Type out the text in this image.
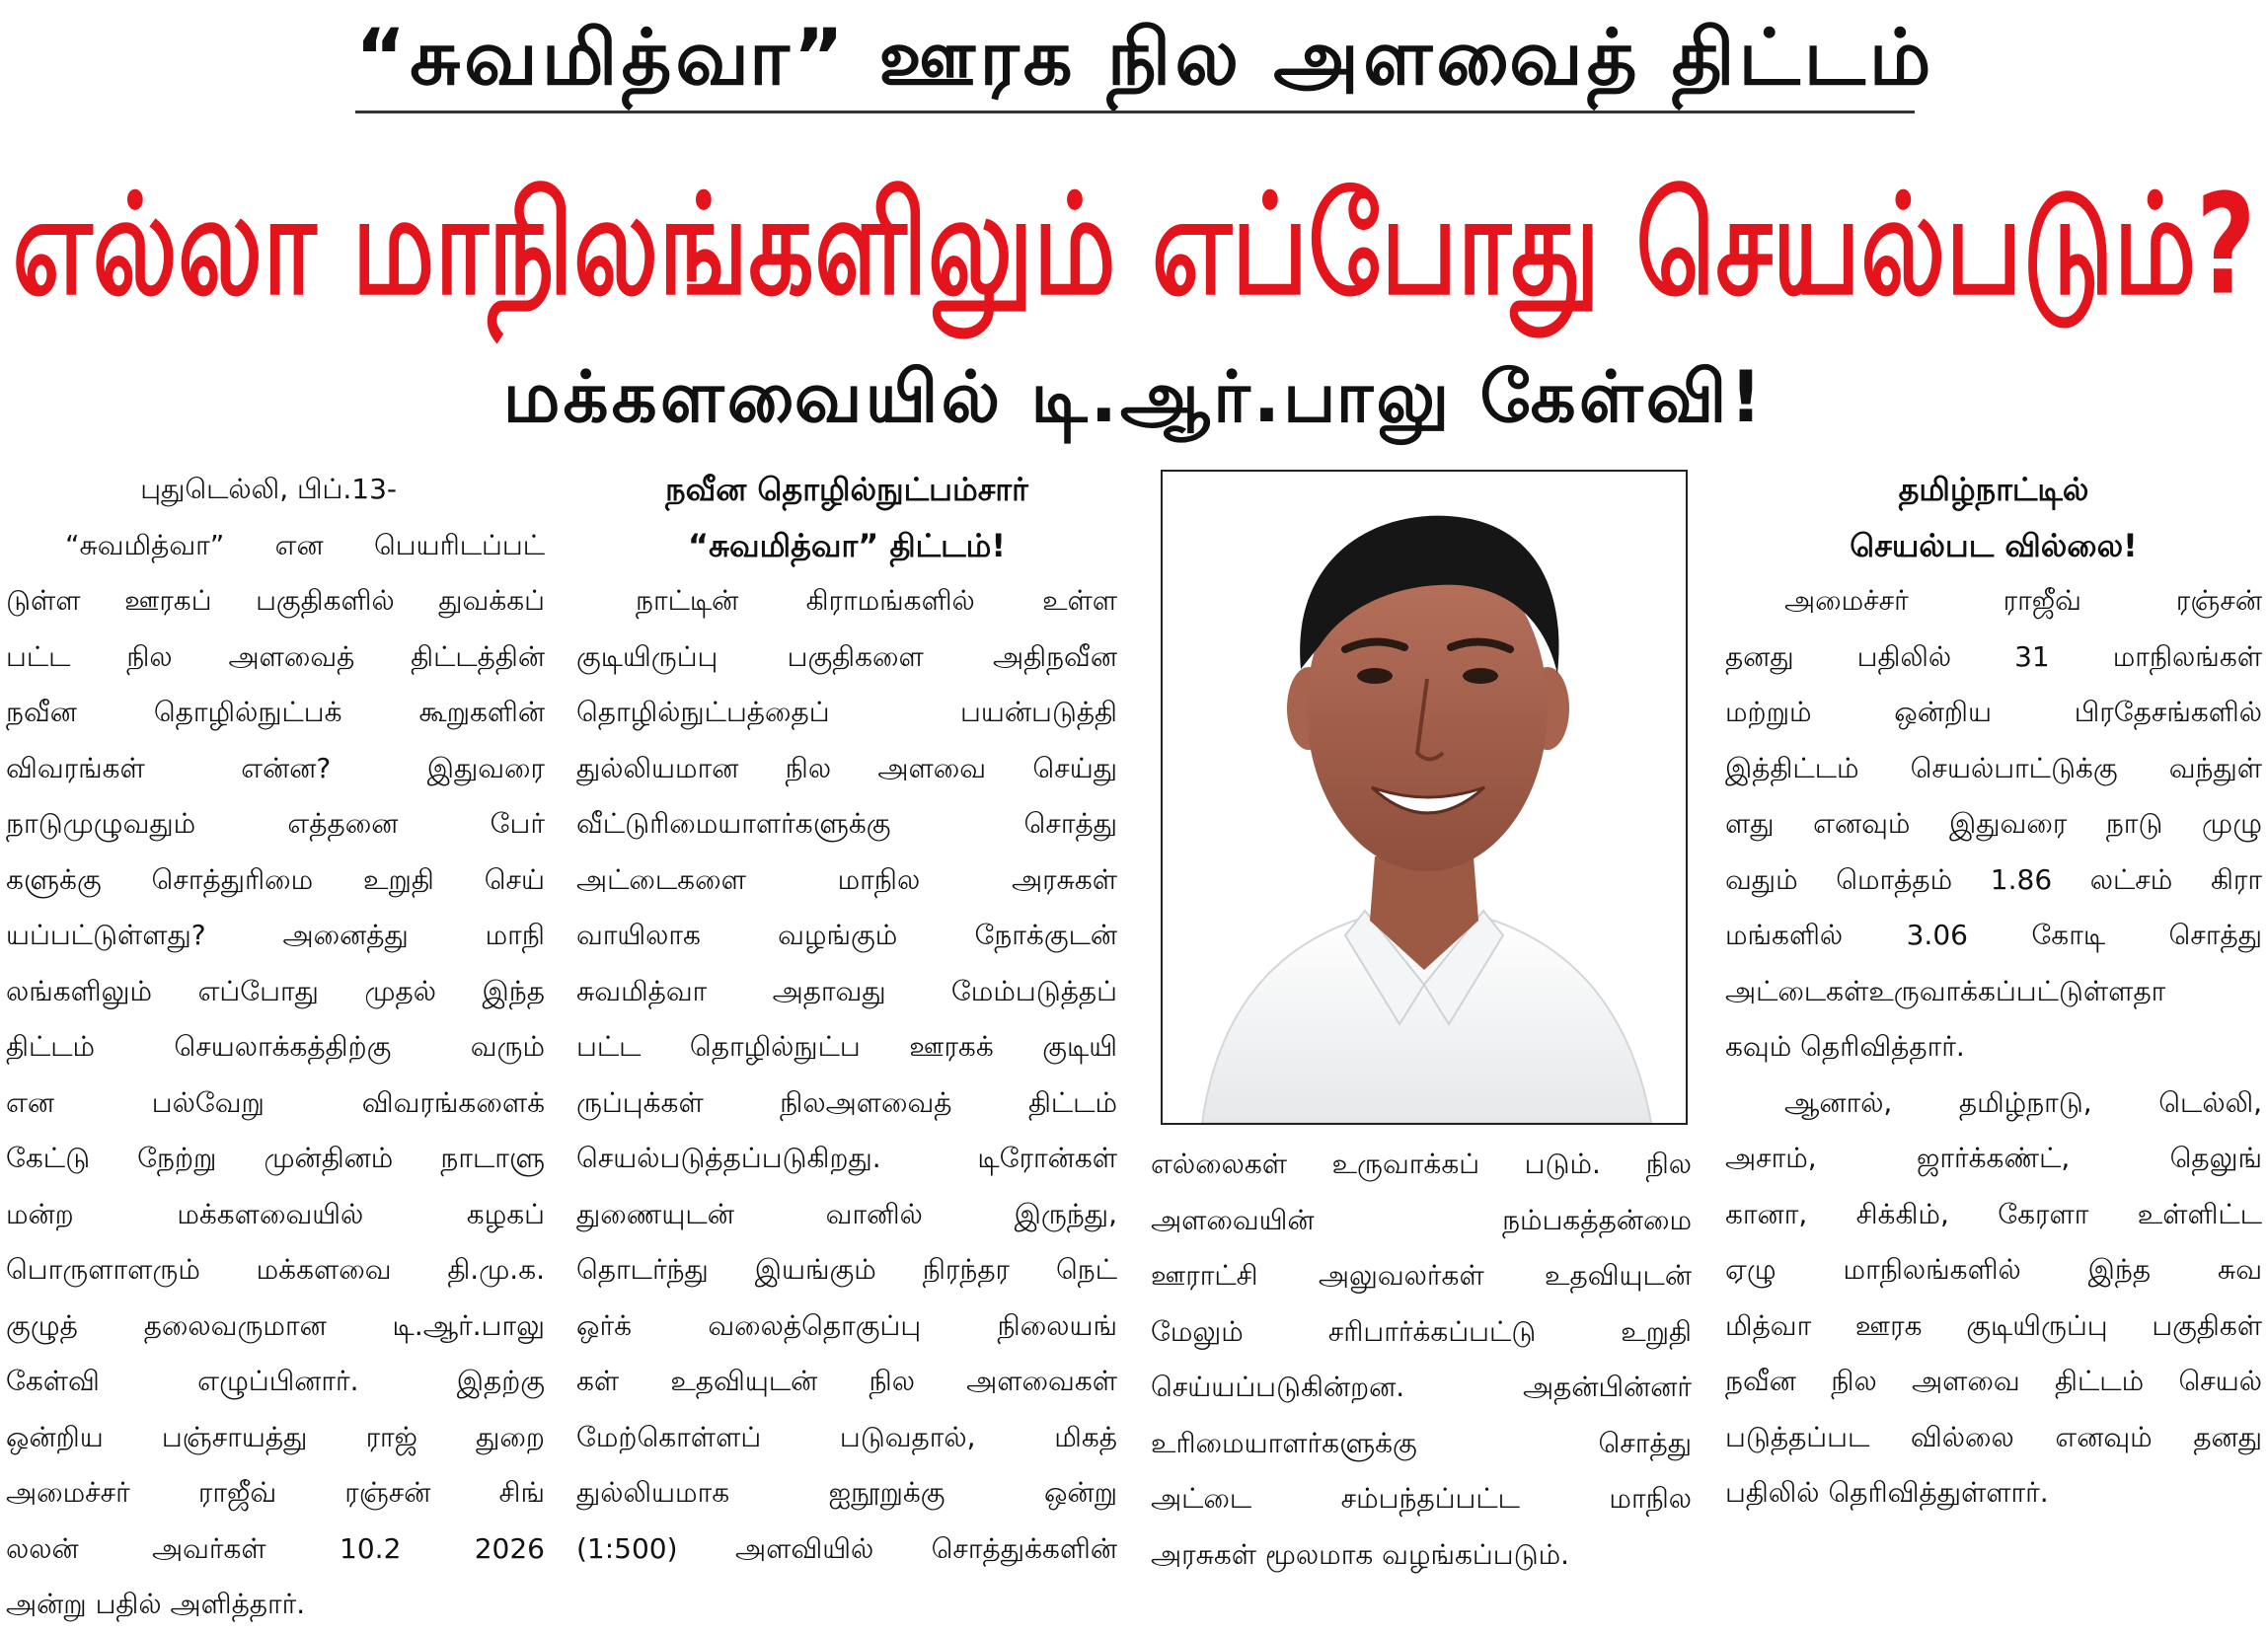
“சுவமித்வா” ஊரக நில அளவைத் திட்டம்
எல்லா மாநிலங்களிலும் எப்போது செயல்படும்?
மக்களவையில் டி.ஆர்.பாலு கேள்வி!
புதுடெல்லி, பிப்.13-
“சுவமித்வா” என பெயரிடப்பட்
டுள்ள ஊரகப் பகுதிகளில் துவக்கப்
பட்ட நில அளவைத் திட்டத்தின்
நவீன தொழில்நுட்பக் கூறுகளின்
விவரங்கள் என்ன? இதுவரை
நாடுமுழுவதும் எத்தனை பேர்
களுக்கு சொத்துரிமை உறுதி செய்
யப்பட்டுள்ளது? அனைத்து மாநி
லங்களிலும் எப்போது முதல் இந்த
திட்டம் செயலாக்கத்திற்கு வரும்
என பல்வேறு விவரங்களைக்
கேட்டு நேற்று முன்தினம் நாடாளு
மன்ற மக்களவையில் கழகப்
பொருளாளரும் மக்களவை தி.மு.க.
குழுத் தலைவருமான டி.ஆர்.பாலு
கேள்வி எழுப்பினார். இதற்கு
ஒன்றிய பஞ்சாயத்து ராஜ் துறை
அமைச்சர் ராஜீவ் ரஞ்சன் சிங்
லலன் அவர்கள் 10.2 2026
அன்று பதில் அளித்தார்.
நவீன தொழில்நுட்பம்சார்
“சுவமித்வா” திட்டம்!
நாட்டின் கிராமங்களில் உள்ள
குடியிருப்பு பகுதிகளை அதிநவீன
தொழில்நுட்பத்தைப் பயன்படுத்தி
துல்லியமான நில அளவை செய்து
வீட்டுரிமையாளர்களுக்கு சொத்து
அட்டைகளை மாநில அரசுகள்
வாயிலாக வழங்கும் நோக்குடன்
சுவமித்வா அதாவது மேம்படுத்தப்
பட்ட தொழில்நுட்ப ஊரகக் குடியி
ருப்புக்கள் நிலஅளவைத் திட்டம்
செயல்படுத்தப்படுகிறது. டிரோன்கள்
துணையுடன் வானில் இருந்து,
தொடர்ந்து இயங்கும் நிரந்தர நெட்
ஒர்க் வலைத்தொகுப்பு நிலையங்
கள் உதவியுடன் நில அளவைகள்
மேற்கொள்ளப் படுவதால், மிகத்
துல்லியமாக ஐநூறுக்கு ஒன்று
(1:500) அளவியில் சொத்துக்களின்
எல்லைகள் உருவாக்கப் படும். நில
அளவையின் நம்பகத்தன்மை
ஊராட்சி அலுவலர்கள் உதவியுடன்
மேலும் சரிபார்க்கப்பட்டு உறுதி
செய்யப்படுகின்றன. அதன்பின்னர்
உரிமையாளர்களுக்கு சொத்து
அட்டை சம்பந்தப்பட்ட மாநில
அரசுகள் மூலமாக வழங்கப்படும்.
தமிழ்நாட்டில்
செயல்பட வில்லை!
அமைச்சர் ராஜீவ் ரஞ்சன்
தனது பதிலில் 31 மாநிலங்கள்
மற்றும் ஒன்றிய பிரதேசங்களில்
இத்திட்டம் செயல்பாட்டுக்கு வந்துள்
ளது எனவும் இதுவரை நாடு முழு
வதும் மொத்தம் 1.86 லட்சம் கிரா
மங்களில் 3.06 கோடி சொத்து
அட்டைகள்உருவாக்கப்பட்டுள்ளதா
கவும் தெரிவித்தார்.
ஆனால், தமிழ்நாடு, டெல்லி,
அசாம், ஜார்க்கண்ட், தெலுங்
கானா, சிக்கிம், கேரளா உள்ளிட்ட
ஏழு மாநிலங்களில் இந்த சுவ
மித்வா ஊரக குடியிருப்பு பகுதிகள்
நவீன நில அளவை திட்டம் செயல்
படுத்தப்பட வில்லை எனவும் தனது
பதிலில் தெரிவித்துள்ளார்.
